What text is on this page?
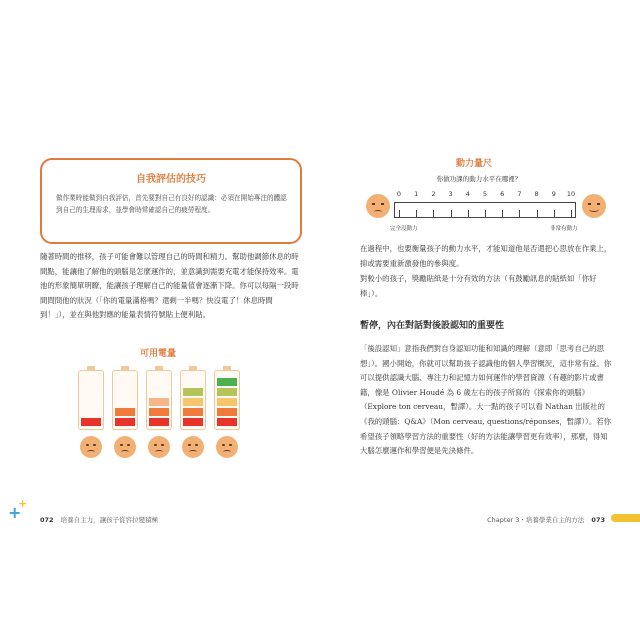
+
+
自我評估的技巧
做作業時能做到自我評估，首先要對自己有良好的認識：必須在開始專注的體認到自己的生理需求，並學會時常確認自己的疲勞程度。
隨著時間的推移，孩子可能會難以管理自己的時間和精力。幫助他調節休息的時間點，能讓他了解他的頭腦是怎麼運作的，並意識到需要充電才能保持效率。電池的形象簡單明瞭，能讓孩子理解自己的能量值會逐漸下降。你可以每隔一段時間問問他的狀況（「你的電量滿格嗎？還剩一半嗎？快沒電了！休息時間到！」），並在與他對應的能量表情符號貼上便利貼。
可用電量
072 培養自主力，讓孩子從容拉變積極
動力量尺
你做功課的動力水平在哪裡？
0	1	2	3	4	5	6	7	8	9	10
完全沒動力	非常有動力
在過程中，也要衡量孩子的動力水平，才能知道他是否還把心思放在作業上，抑或需要重新激發他的參與度。
對較小的孩子，獎勵貼紙是十分有效的方法（有鼓勵訊息的貼紙如「你好棒」）。
暫停，內在對話對後設認知的重要性
「後設認知」意指我們對自身認知功能和知識的理解（意即「思考自己的思想」）。國小開始，你就可以幫助孩子認識他的個人學習概況，這非常有益。你可以提供認識大腦、專注力和記憶力如何運作的學習資源（有趣的影片或書籍，像是 Olivier Houdé 為 6 歲左右的孩子所寫的《探索你的頭腦》（Explore ton cerveau，暫譯）。大一點的孩子可以看 Nathan 出版社的《我的頭腦：Q&A》（Mon cerveau, questions/réponses，暫譯））。若你希望孩子領略學習方法的重要性（好的方法能讓學習更有效率），那麼，得知大腦怎麼運作和學習便是先決條件。
Chapter 3・培養學業自主的方法 073
